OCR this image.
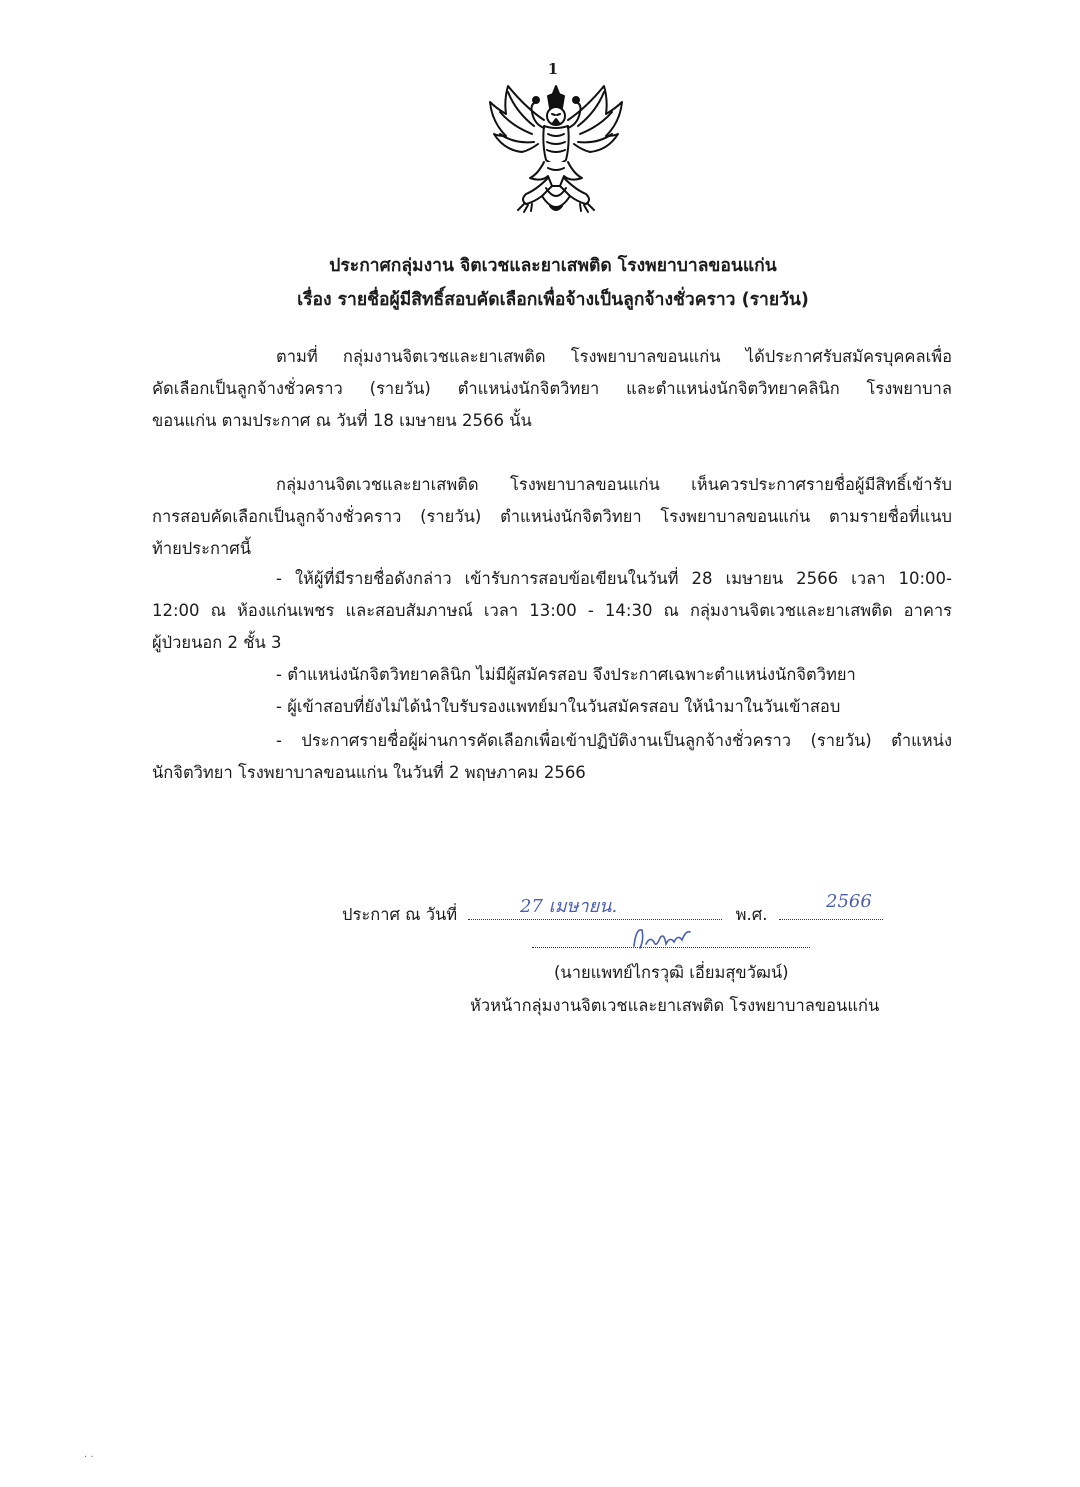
1
ประกาศกลุ่มงาน จิตเวชและยาเสพติด โรงพยาบาลขอนแก่น
เรื่อง รายชื่อผู้มีสิทธิ์สอบคัดเลือกเพื่อจ้างเป็นลูกจ้างชั่วคราว (รายวัน)
ตามที่ กลุ่มงานจิตเวชและยาเสพติด โรงพยาบาลขอนแก่น ได้ประกาศรับสมัครบุคคลเพื่อ
คัดเลือกเป็นลูกจ้างชั่วคราว (รายวัน) ตำแหน่งนักจิตวิทยา และตำแหน่งนักจิตวิทยาคลินิก โรงพยาบาล
ขอนแก่น ตามประกาศ ณ วันที่ 18 เมษายน 2566 นั้น
กลุ่มงานจิตเวชและยาเสพติด โรงพยาบาลขอนแก่น เห็นควรประกาศรายชื่อผู้มีสิทธิ์เข้ารับ
การสอบคัดเลือกเป็นลูกจ้างชั่วคราว (รายวัน) ตำแหน่งนักจิตวิทยา โรงพยาบาลขอนแก่น ตามรายชื่อที่แนบ
ท้ายประกาศนี้
- ให้ผู้ที่มีรายชื่อดังกล่าว เข้ารับการสอบข้อเขียนในวันที่ 28 เมษายน 2566 เวลา 10:00-
12:00 ณ ห้องแก่นเพชร และสอบสัมภาษณ์ เวลา 13:00 - 14:30 ณ กลุ่มงานจิตเวชและยาเสพติด อาคาร
ผู้ป่วยนอก 2 ชั้น 3
- ตำแหน่งนักจิตวิทยาคลินิก ไม่มีผู้สมัครสอบ จึงประกาศเฉพาะตำแหน่งนักจิตวิทยา
- ผู้เข้าสอบที่ยังไม่ได้นำใบรับรองแพทย์มาในวันสมัครสอบ ให้นำมาในวันเข้าสอบ
- ประกาศรายชื่อผู้ผ่านการคัดเลือกเพื่อเข้าปฏิบัติงานเป็นลูกจ้างชั่วคราว (รายวัน) ตำแหน่ง
นักจิตวิทยา โรงพยาบาลขอนแก่น ในวันที่ 2 พฤษภาคม 2566
ประกาศ ณ วันที่	พ.ศ.
27 เมษายน.	2566
(นายแพทย์ไกรวุฒิ เอี่ยมสุขวัฒน์)
หัวหน้ากลุ่มงานจิตเวชและยาเสพติด โรงพยาบาลขอนแก่น
· ·
